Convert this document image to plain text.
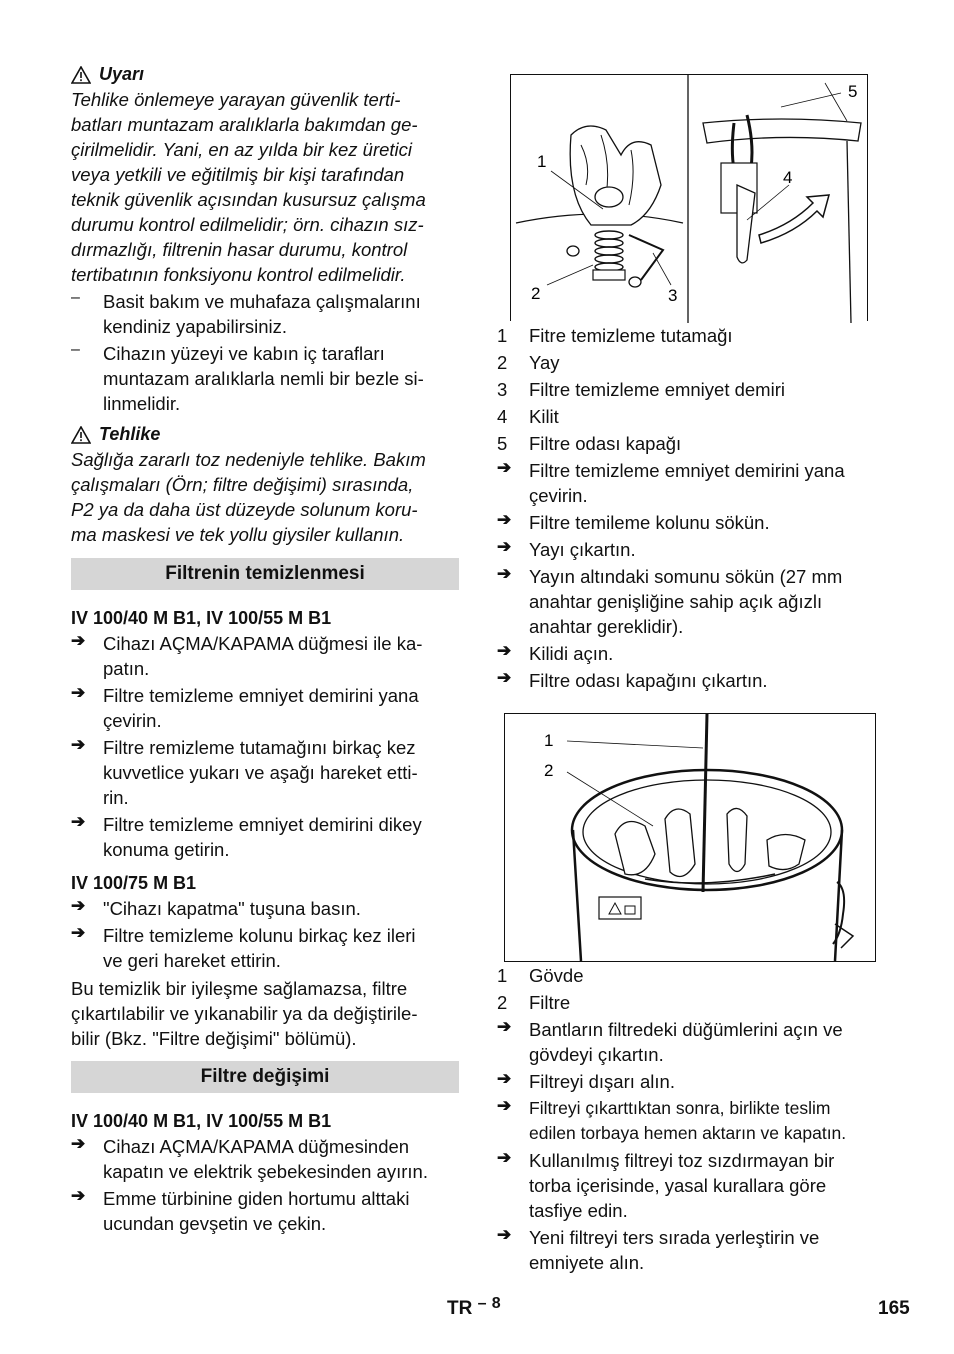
Uyarı

Tehlike önlemeye yarayan güvenlik terti-

batları muntazam aralıklarla bakımdan ge-

çirilmelidir. Yani, en az yılda bir kez üretici

veya yetkili ve eğitilmiş bir kişi tarafından

teknik güvenlik açısından kusursuz çalışma

durumu kontrol edilmelidir; örn. cihazın sız-

dırmazlığı, filtrenin hasar durumu, kontrol

tertibatının fonksiyonu kontrol edilmelidir.

–	Basit bakım ve muhafaza çalışmalarını

kendiniz yapabilirsiniz.

–	Cihazın yüzeyi ve kabın iç tarafları

muntazam aralıklarla nemli bir bezle si-

linmelidir.

Tehlike

Sağlığa zararlı toz nedeniyle tehlike. Bakım

çalışmaları (Örn; filtre değişimi) sırasında,

P2 ya da daha üst düzeyde solunum koru-

ma maskesi ve tek yollu giysiler kullanın.

Filtrenin temizlenmesi

IV 100/40 M B1, IV 100/55 M B1

➔ Cihazı AÇMA/KAPAMA düğmesi ile ka-

patın.

➔ Filtre temizleme emniyet demirini yana

çevirin.

➔ Filtre remizleme tutamağını birkaç kez

kuvvetlice yukarı ve aşağı hareket etti-

rin.

➔ Filtre temizleme emniyet demirini dikey

konuma getirin.

IV 100/75 M B1

➔ "Cihazı kapatma" tuşuna basın.

➔ Filtre temizleme kolunu birkaç kez ileri

ve geri hareket ettirin.

Bu temizlik bir iyileşme sağlamazsa, filtre

çıkartılabilir ve yıkanabilir ya da değiştirile-

bilir (Bkz. "Filtre değişimi" bölümü).

Filtre değişimi

IV 100/40 M B1, IV 100/55 M B1

➔ Cihazı AÇMA/KAPAMA düğmesinden

kapatın ve elektrik şebekesinden ayırın.

➔ Emme türbinine giden hortumu alttaki

ucundan gevşetin ve çekin.

1
2	3
5
4
1	Fitre temizleme tutamağı
2	Yay
3	Filtre temizleme emniyet demiri
4	Kilit
5	Filtre odası kapağı
➔ Filtre temizleme emniyet demirini yana

çevirin.

➔ Filtre temileme kolunu sökün.

➔ Yayı çıkartın.

➔ Yayın altındaki somunu sökün (27 mm

anahtar genişliğine sahip açık ağızlı

anahtar gereklidir).

➔ Kilidi açın.

➔ Filtre odası kapağını çıkartın.

1
2
1	Gövde
2	Filtre
➔ Bantların filtredeki düğümlerini açın ve

gövdeyi çıkartın.

➔ Filtreyi dışarı alın.

➔	Filtreyi çıkarttıktan sonra, birlikte teslim

edilen torbaya hemen aktarın ve kapatın.

➔ Kullanılmış filtreyi toz sızdırmayan bir

torba içerisinde, yasal kurallara göre

tasfiye edin.

➔ Yeni filtreyi ters sırada yerleştirin ve

emniyete alın.

TR – $^8$	165
